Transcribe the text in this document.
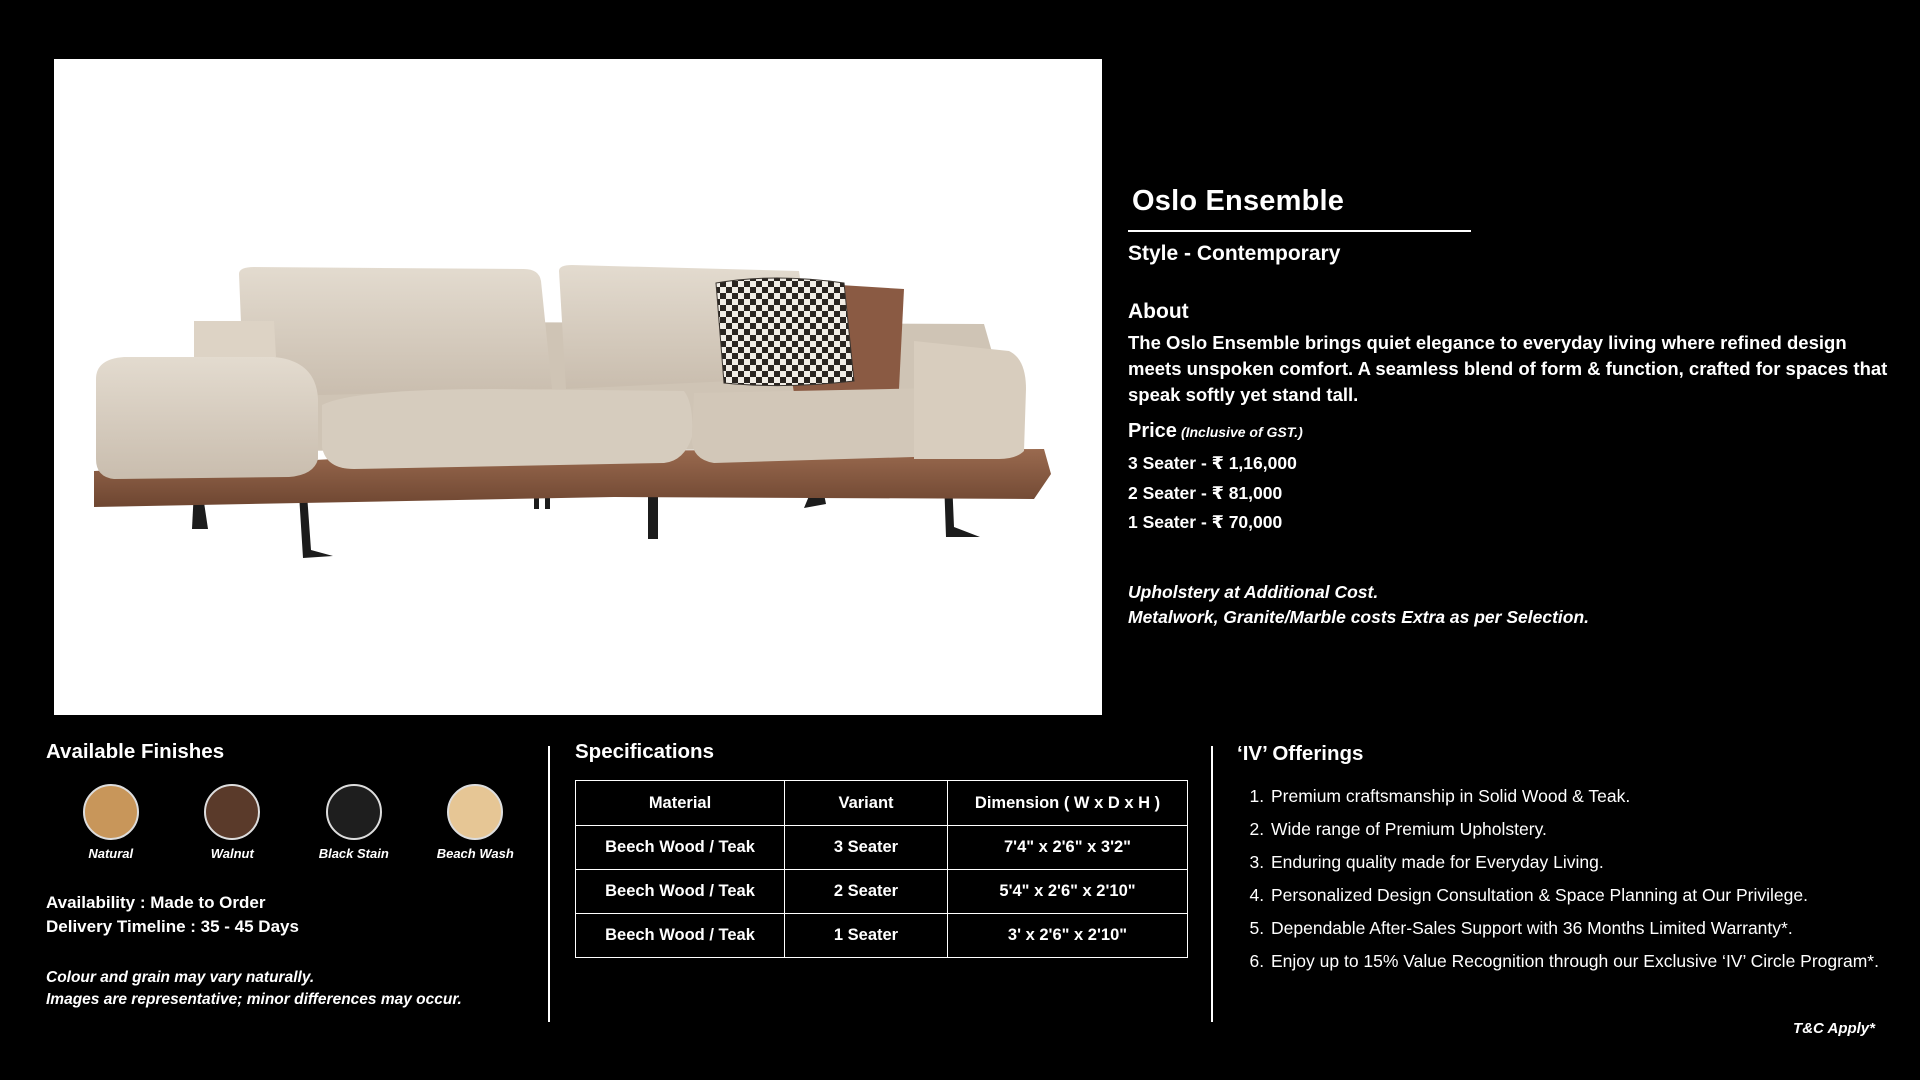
Oslo Ensemble
Style - Contemporary
About
The Oslo Ensemble brings quiet elegance to everyday living where refined design meets unspoken comfort. A seamless blend of form & function, crafted for spaces that speak softly yet stand tall.
Price (Inclusive of GST.)
3 Seater - ₹ 1,16,000
2 Seater - ₹ 81,000
1 Seater - ₹ 70,000
Upholstery at Additional Cost.
Metalwork, Granite/Marble costs Extra as per Selection.
Available Finishes
Natural	Walnut	Black Stain	Beach Wash
Availability : Made to Order
Delivery Timeline : 35 - 45 Days
Colour and grain may vary naturally.
Images are representative; minor differences may occur.
Specifications
Material	Variant	Dimension ( W x D x H )
Beech Wood / Teak	3 Seater	7'4" x 2'6" x 3'2"
Beech Wood / Teak	2 Seater	5'4" x 2'6" x 2'10"
Beech Wood / Teak	1 Seater	3' x 2'6" x 2'10"
‘IV’ Offerings
1. Premium craftsmanship in Solid Wood & Teak.
2. Wide range of Premium Upholstery.
3. Enduring quality made for Everyday Living.
4. Personalized Design Consultation & Space Planning at Our Privilege.
5. Dependable After-Sales Support with 36 Months Limited Warranty*.
6. Enjoy up to 15% Value Recognition through our Exclusive ‘IV’ Circle Program*.
T&C Apply*
